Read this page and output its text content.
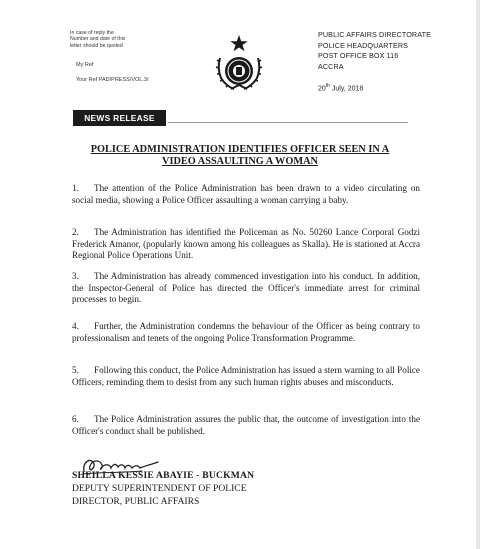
In case of reply the
Number and date of this
letter should be quoted
My Ref
Your Ref PAD/PRESS/VOL.3/
PUBLIC AFFAIRS DIRECTORATE
POLICE HEADQUARTERS
POST OFFICE BOX 116
ACCRA
20th July, 2018
NEWS RELEASE
POLICE ADMINISTRATION IDENTIFIES OFFICER SEEN IN A
VIDEO ASSAULTING A WOMAN
1. The attention of the Police Administration has been drawn to a video circulating on social media, showing a Police Officer assaulting a woman carrying a baby.
2. The Administration has identified the Policeman as No. 50260 Lance Corporal Godzi Frederick Amanor, (popularly known among his colleagues as Skalla). He is stationed at Accra Regional Police Operations Unit.
3. The Administration has already commenced investigation into his conduct. In addition, the Inspector-General of Police has directed the Officer's immediate arrest for criminal processes to begin.
4. Further, the Administration condemns the behaviour of the Officer as being contrary to professionalism and tenets of the ongoing Police Transformation Programme.
5. Following this conduct, the Police Administration has issued a stern warning to all Police Officers, reminding them to desist from any such human rights abuses and misconducts.
6. The Police Administration assures the public that, the outcome of investigation into the Officer's conduct shall be published.
SHEILLA KESSIE ABAYIE - BUCKMAN
DEPUTY SUPERINTENDENT OF POLICE
DIRECTOR, PUBLIC AFFAIRS
